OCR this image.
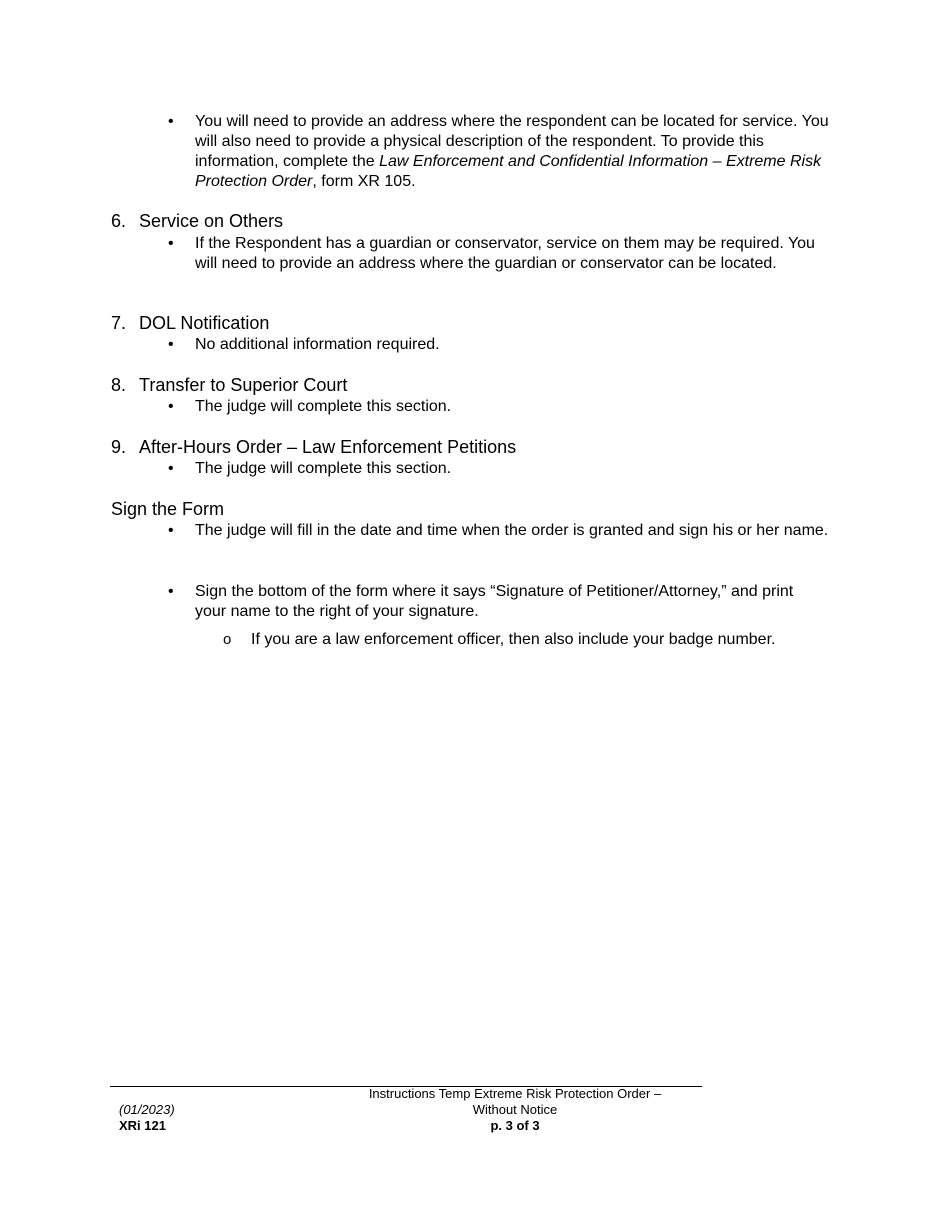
• You will need to provide an address where the respondent can be located for service. You will also need to provide a physical description of the respondent. To provide this information, complete the Law Enforcement and Confidential Information – Extreme Risk Protection Order, form XR 105.
6. Service on Others
• If the Respondent has a guardian or conservator, service on them may be required. You will need to provide an address where the guardian or conservator can be located.
7. DOL Notification
• No additional information required.
8. Transfer to Superior Court
• The judge will complete this section.
9. After-Hours Order – Law Enforcement Petitions
• The judge will complete this section.
Sign the Form
• The judge will fill in the date and time when the order is granted and sign his or her name.
• Sign the bottom of the form where it says “Signature of Petitioner/Attorney,” and print your name to the right of your signature.
o If you are a law enforcement officer, then also include your badge number.
(01/2023)
XRi 121
Instructions Temp Extreme Risk Protection Order –
Without Notice
p. 3 of 3
